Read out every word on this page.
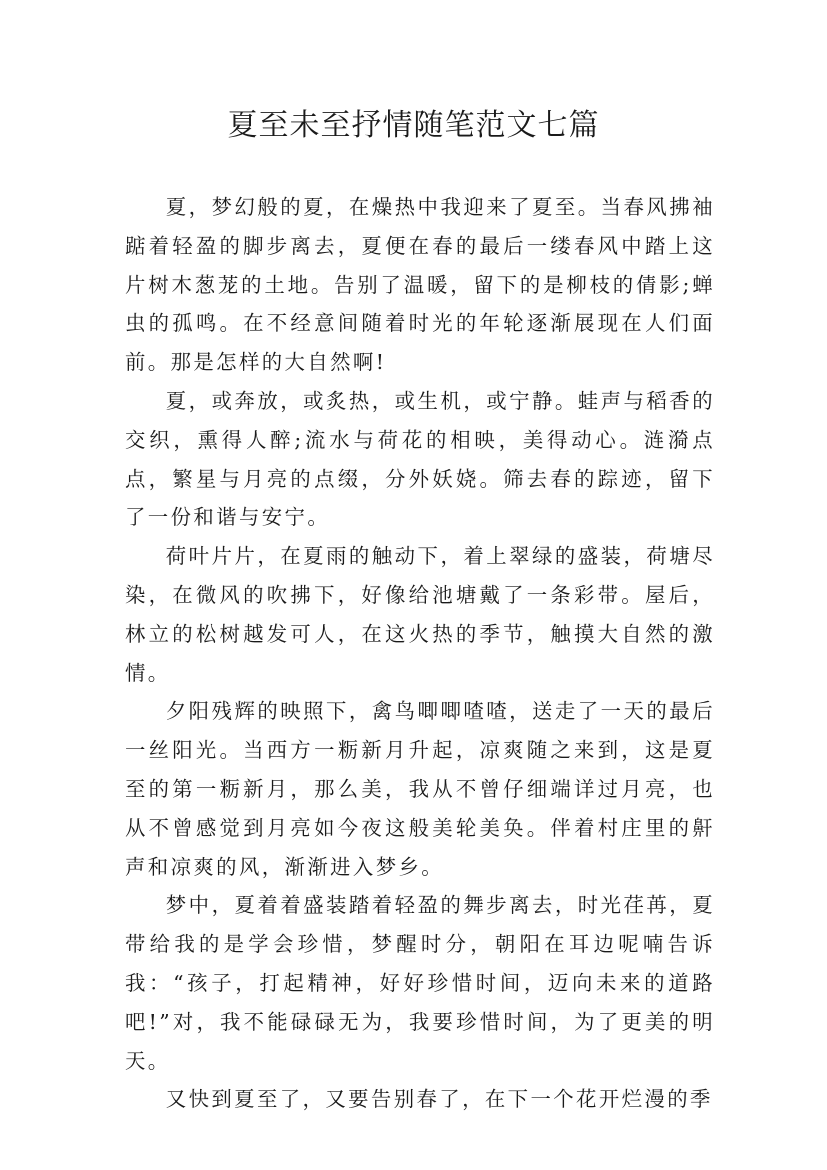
夏至未至抒情随笔范文七篇

夏，梦幻般的夏，在燥热中我迎来了夏至。当春风拂袖踮着轻盈的脚步离去，夏便在春的最后一缕春风中踏上这片树木葱茏的土地。告别了温暖，留下的是柳枝的倩影;蝉虫的孤鸣。在不经意间随着时光的年轮逐渐展现在人们面前。那是怎样的大自然啊!

夏，或奔放，或炙热，或生机，或宁静。蛙声与稻香的交织，熏得人醉;流水与荷花的相映，美得动心。涟漪点点，繁星与月亮的点缀，分外妖娆。筛去春的踪迹，留下了一份和谐与安宁。

荷叶片片，在夏雨的触动下，着上翠绿的盛装，荷塘尽染，在微风的吹拂下，好像给池塘戴了一条彩带。屋后，林立的松树越发可人，在这火热的季节，触摸大自然的激情。

夕阳残辉的映照下，禽鸟唧唧喳喳，送走了一天的最后一丝阳光。当西方一粝新月升起，凉爽随之来到，这是夏至的第一粝新月，那么美，我从不曾仔细端详过月亮，也从不曾感觉到月亮如今夜这般美轮美奂。伴着村庄里的鼾声和凉爽的风，渐渐进入梦乡。

梦中，夏着着盛装踏着轻盈的舞步离去，时光荏苒，夏带给我的是学会珍惜，梦醒时分，朝阳在耳边呢喃告诉我：“孩子，打起精神，好好珍惜时间，迈向未来的道路吧!”对，我不能碌碌无为，我要珍惜时间，为了更美的明天。

又快到夏至了，又要告别春了，在下一个花开烂漫的季
